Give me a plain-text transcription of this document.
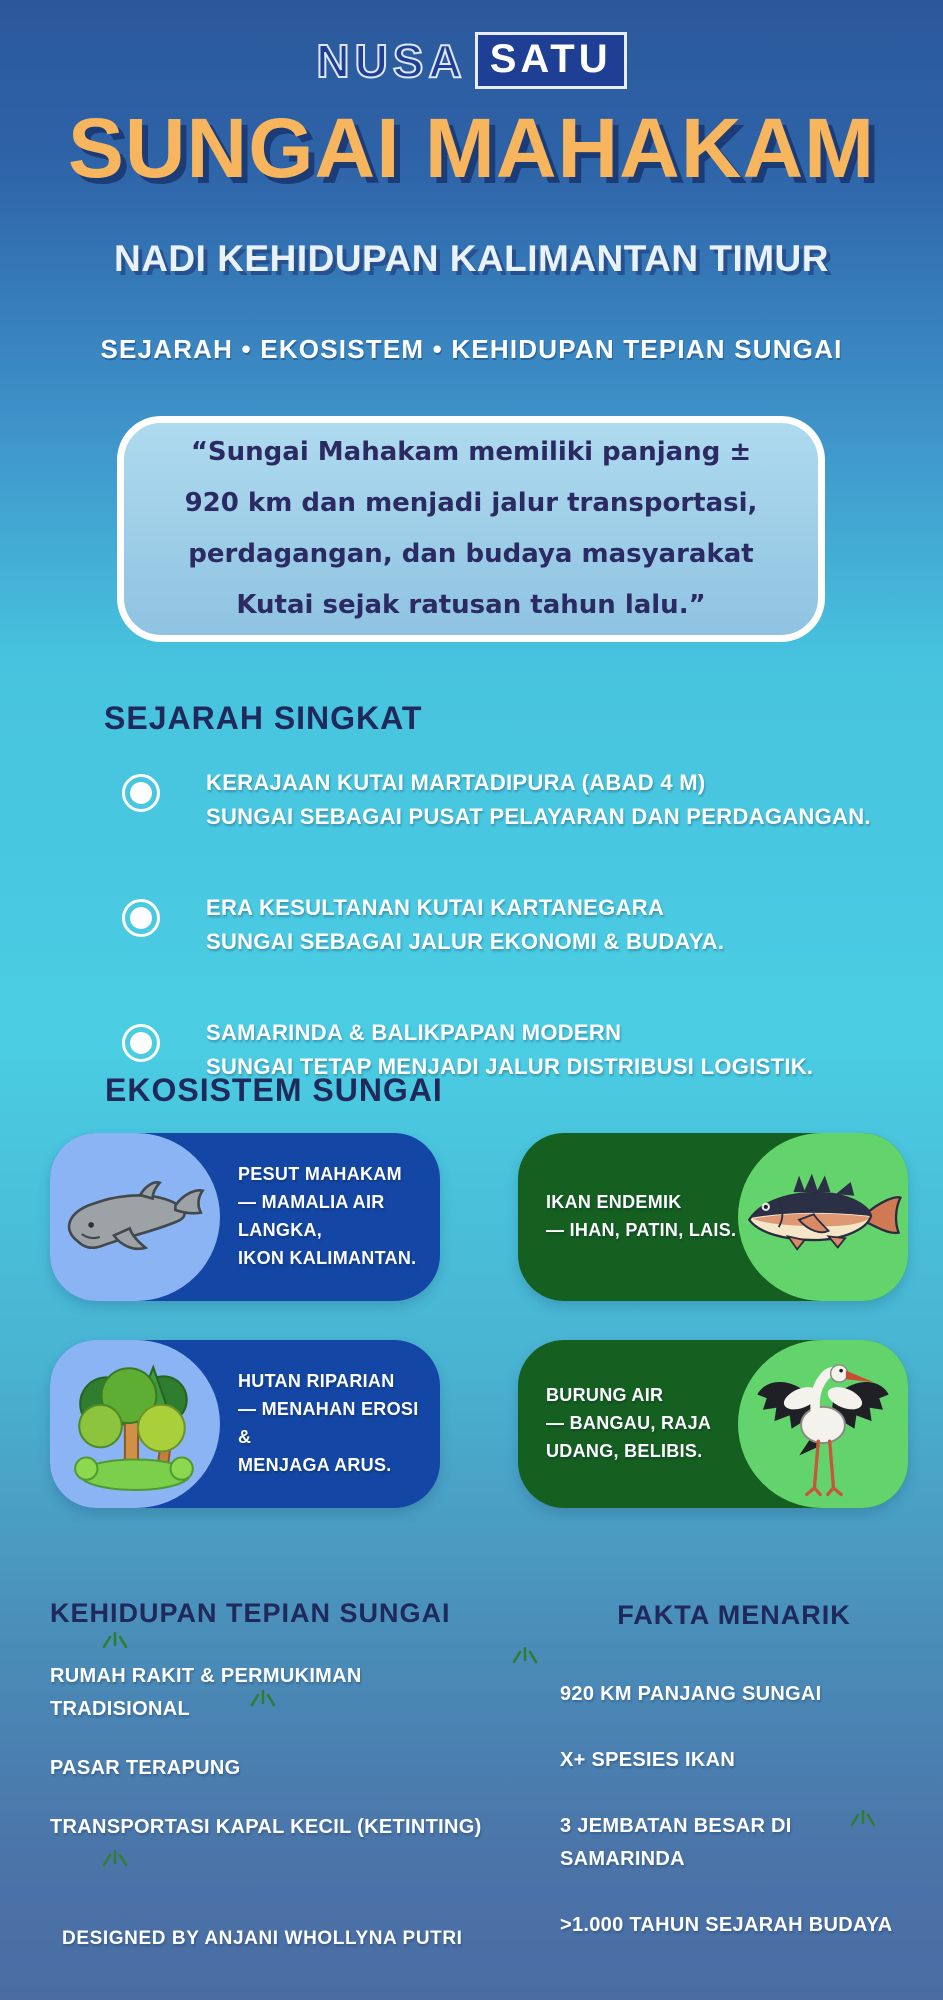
NUSA SATU
SUNGAI MAHAKAM
NADI KEHIDUPAN KALIMANTAN TIMUR
SEJARAH • EKOSISTEM • KEHIDUPAN TEPIAN SUNGAI
“Sungai Mahakam memiliki panjang ±
920 km dan menjadi jalur transportasi,
perdagangan, dan budaya masyarakat
Kutai sejak ratusan tahun lalu.”
SEJARAH SINGKAT
KERAJAAN KUTAI MARTADIPURA (ABAD 4 M)
SUNGAI SEBAGAI PUSAT PELAYARAN DAN PERDAGANGAN.
ERA KESULTANAN KUTAI KARTANEGARA
SUNGAI SEBAGAI JALUR EKONOMI & BUDAYA.
SAMARINDA & BALIKPAPAN MODERN
SUNGAI TETAP MENJADI JALUR DISTRIBUSI LOGISTIK.
EKOSISTEM SUNGAI
PESUT MAHAKAM
— MAMALIA AIR LANGKA,
IKON KALIMANTAN.
IKAN ENDEMIK
— IHAN, PATIN, LAIS.
HUTAN RIPARIAN
— MENAHAN EROSI &
MENJAGA ARUS.
BURUNG AIR
— BANGAU, RAJA
UDANG, BELIBIS.
KEHIDUPAN TEPIAN SUNGAI
RUMAH RAKIT & PERMUKIMAN
TRADISIONAL
PASAR TERAPUNG
TRANSPORTASI KAPAL KECIL (KETINTING)
FAKTA MENARIK
920 KM PANJANG SUNGAI
X+ SPESIES IKAN
3 JEMBATAN BESAR DI
SAMARINDA
>1.000 TAHUN SEJARAH BUDAYA
DESIGNED BY ANJANI WHOLLYNA PUTRI
